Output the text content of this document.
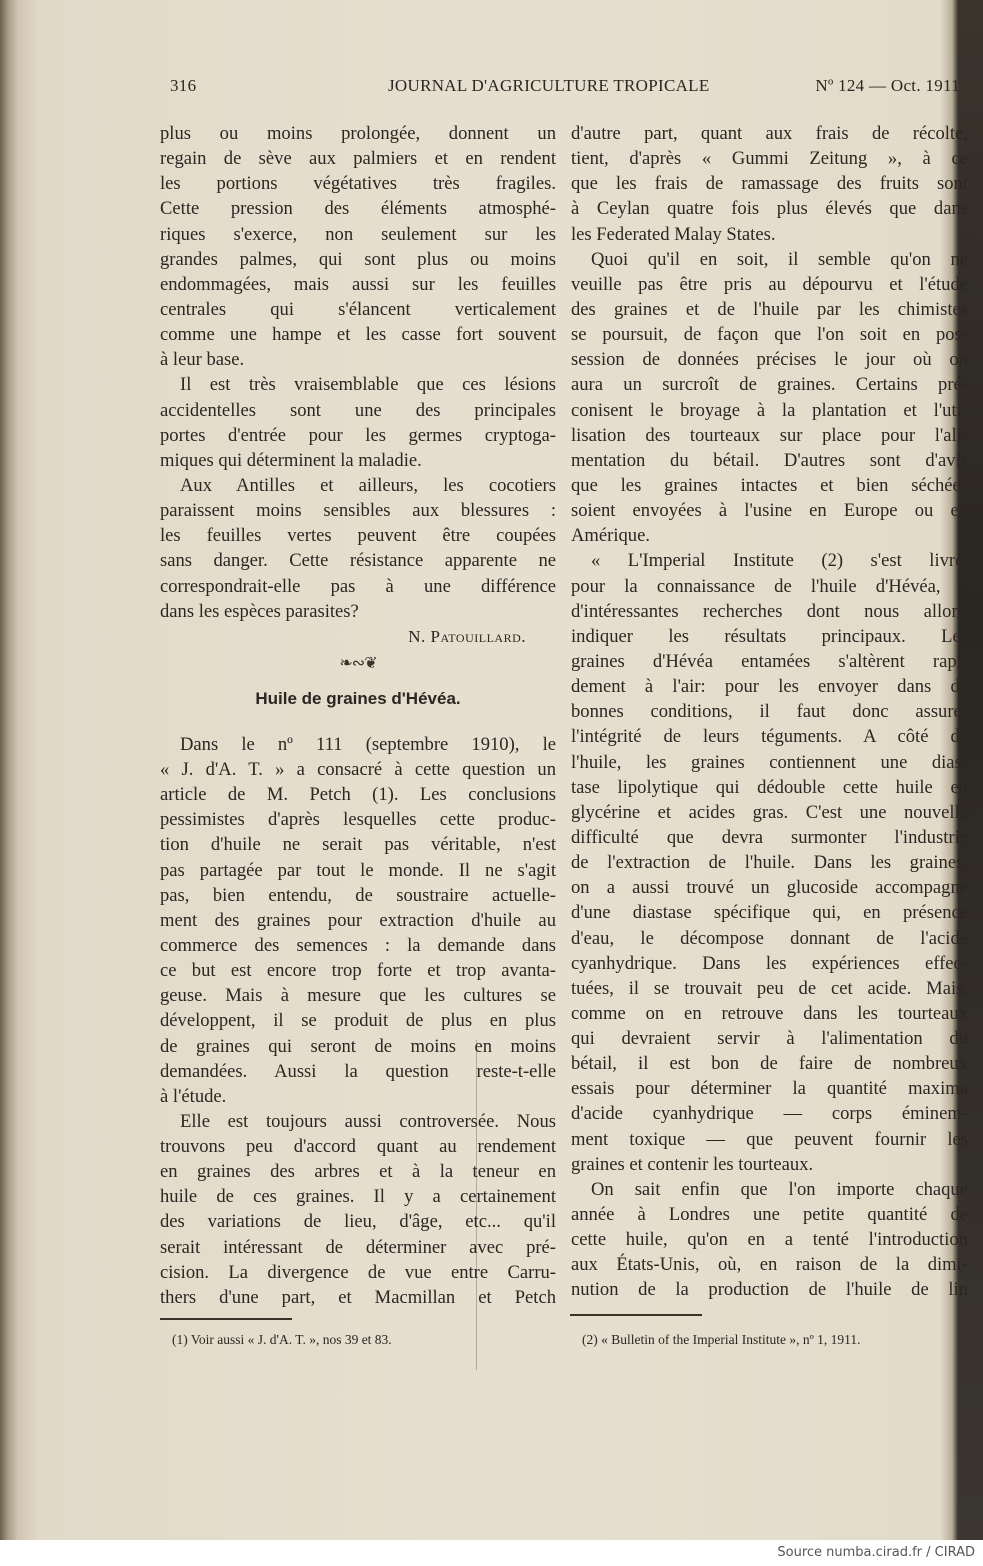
316	JOURNAL D'AGRICULTURE TROPICALE	Nº 124 — Oct. 1911
plus ou moins prolongée, donnent un
regain de sève aux palmiers et en rendent
les portions végétatives très fragiles.
Cette pression des éléments atmosphé-
riques s'exerce, non seulement sur les
grandes palmes, qui sont plus ou moins
endommagées, mais aussi sur les feuilles
centrales qui s'élancent verticalement
comme une hampe et les casse fort souvent
à leur base.
Il est très vraisemblable que ces lésions
accidentelles sont une des principales
portes d'entrée pour les germes cryptoga-
miques qui déterminent la maladie.
Aux Antilles et ailleurs, les cocotiers
paraissent moins sensibles aux blessures :
les feuilles vertes peuvent être coupées
sans danger. Cette résistance apparente ne
correspondrait-elle pas à une différence
dans les espèces parasites?
N. Patouillard.
❧∾❦
Huile de graines d'Hévéa.
Dans le nº 111 (septembre 1910), le
« J. d'A. T. » a consacré à cette question un
article de M. Petch (1). Les conclusions
pessimistes d'après lesquelles cette produc-
tion d'huile ne serait pas véritable, n'est
pas partagée par tout le monde. Il ne s'agit
pas, bien entendu, de soustraire actuelle-
ment des graines pour extraction d'huile au
commerce des semences : la demande dans
ce but est encore trop forte et trop avanta-
geuse. Mais à mesure que les cultures se
développent, il se produit de plus en plus
de graines qui seront de moins en moins
demandées. Aussi la question reste-t-elle
à l'étude.
Elle est toujours aussi controversée. Nous
trouvons peu d'accord quant au rendement
en graines des arbres et à la teneur en
huile de ces graines. Il y a certainement
des variations de lieu, d'âge, etc... qu'il
serait intéressant de déterminer avec pré-
cision. La divergence de vue entre Carru-
thers d'une part, et Macmillan et Petch
d'autre part, quant aux frais de récolte,
tient, d'après « Gummi Zeitung », à ce
que les frais de ramassage des fruits sont
à Ceylan quatre fois plus élevés que dans
les Federated Malay States.
Quoi qu'il en soit, il semble qu'on ne
veuille pas être pris au dépourvu et l'étude
des graines et de l'huile par les chimistes
se poursuit, de façon que l'on soit en pos-
session de données précises le jour où on
aura un surcroît de graines. Certains pré-
conisent le broyage à la plantation et l'uti-
lisation des tourteaux sur place pour l'ali-
mentation du bétail. D'autres sont d'avis
que les graines intactes et bien séchées
soient envoyées à l'usine en Europe ou en
Amérique.
« L'Imperial Institute (2) s'est livré,
pour la connaissance de l'huile d'Hévéa, à
d'intéressantes recherches dont nous allons
indiquer les résultats principaux. Les
graines d'Hévéa entamées s'altèrent rapi-
dement à l'air: pour les envoyer dans de
bonnes conditions, il faut donc assurer
l'intégrité de leurs téguments. A côté de
l'huile, les graines contiennent une dias-
tase lipolytique qui dédouble cette huile en
glycérine et acides gras. C'est une nouvelle
difficulté que devra surmonter l'industrie
de l'extraction de l'huile. Dans les graines,
on a aussi trouvé un glucoside accompagné
d'une diastase spécifique qui, en présence
d'eau, le décompose donnant de l'acide
cyanhydrique. Dans les expériences effec-
tuées, il se trouvait peu de cet acide. Mais,
comme on en retrouve dans les tourteaux
qui devraient servir à l'alimentation du
bétail, il est bon de faire de nombreux
essais pour déterminer la quantité maxima
d'acide cyanhydrique — corps éminem-
ment toxique — que peuvent fournir les
graines et contenir les tourteaux.
On sait enfin que l'on importe chaque
année à Londres une petite quantité de
cette huile, qu'on en a tenté l'introduction
aux États-Unis, où, en raison de la dimi-
nution de la production de l'huile de lin
(1) Voir aussi « J. d'A. T. », nos 39 et 83.	(2) « Bulletin of the Imperial Institute », nº 1, 1911.
Source numba.cirad.fr / CIRAD
